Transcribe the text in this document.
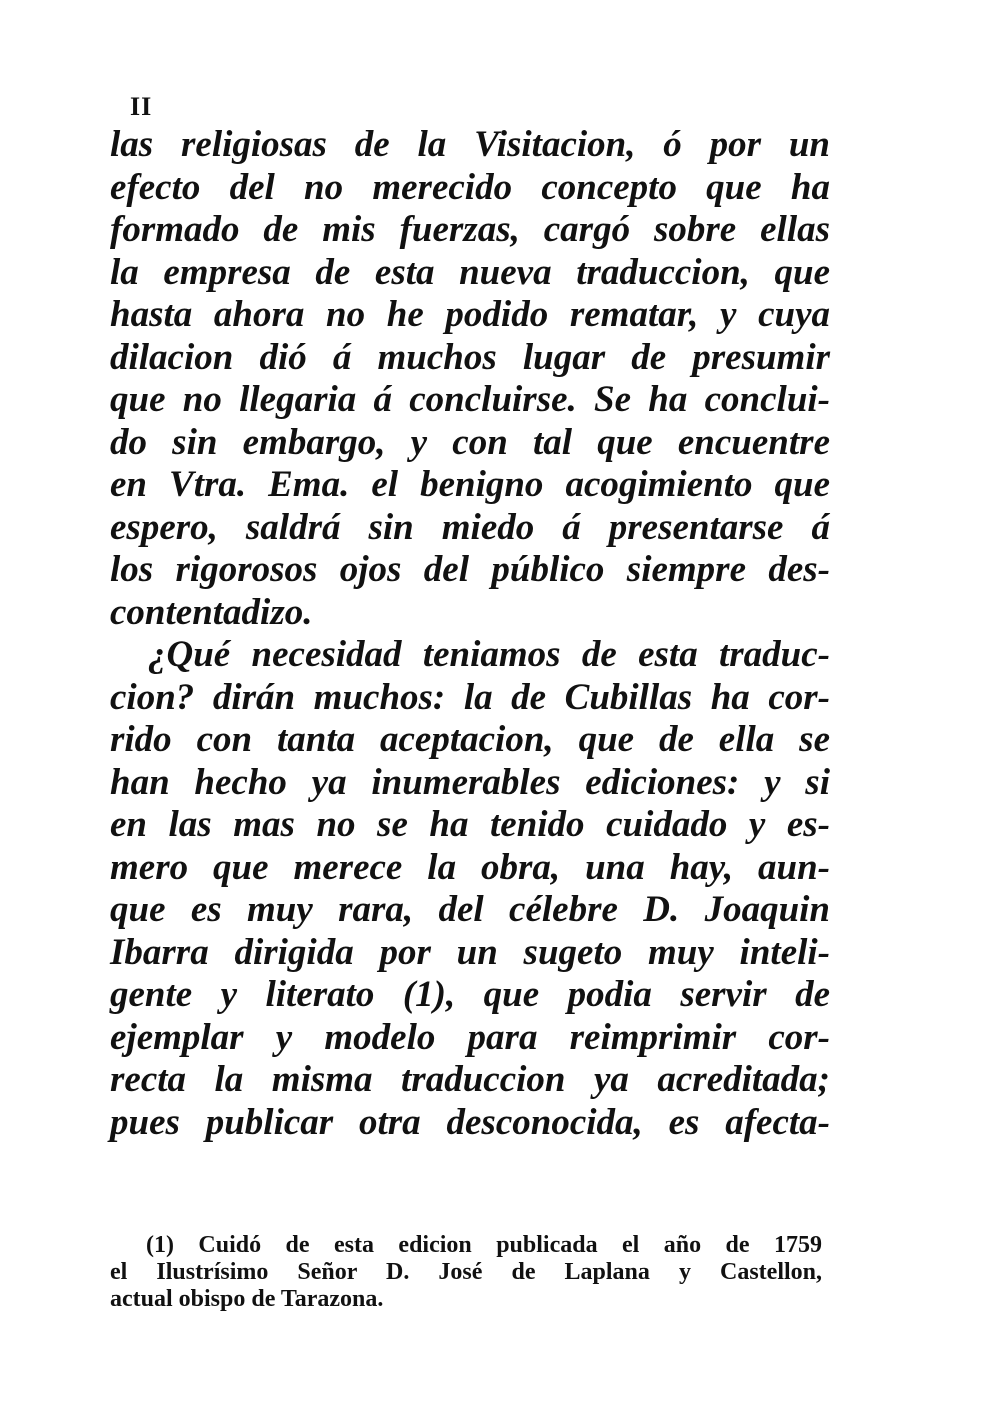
II
las religiosas de la Visitacion, ó por un
efecto del no merecido concepto que ha
formado de mis fuerzas, cargó sobre ellas
la empresa de esta nueva traduccion, que
hasta ahora no he podido rematar, y cuya
dilacion dió á muchos lugar de presumir
que no llegaria á concluirse. Se ha conclui-
do sin embargo, y con tal que encuentre
en Vtra. Ema. el benigno acogimiento que
espero, saldrá sin miedo á presentarse á
los rigorosos ojos del público siempre des-
contentadizo.
¿Qué necesidad teniamos de esta traduc-
cion? dirán muchos: la de Cubillas ha cor-
rido con tanta aceptacion, que de ella se
han hecho ya inumerables ediciones: y si
en las mas no se ha tenido cuidado y es-
mero que merece la obra, una hay, aun-
que es muy rara, del célebre D. Joaquin
Ibarra dirigida por un sugeto muy inteli-
gente y literato (1), que podia servir de
ejemplar y modelo para reimprimir cor-
recta la misma traduccion ya acreditada;
pues publicar otra desconocida, es afecta-
(1) Cuidó de esta edicion publicada el año de 1759
el Ilustrísimo Señor D. José de Laplana y Castellon,
actual obispo de Tarazona.
